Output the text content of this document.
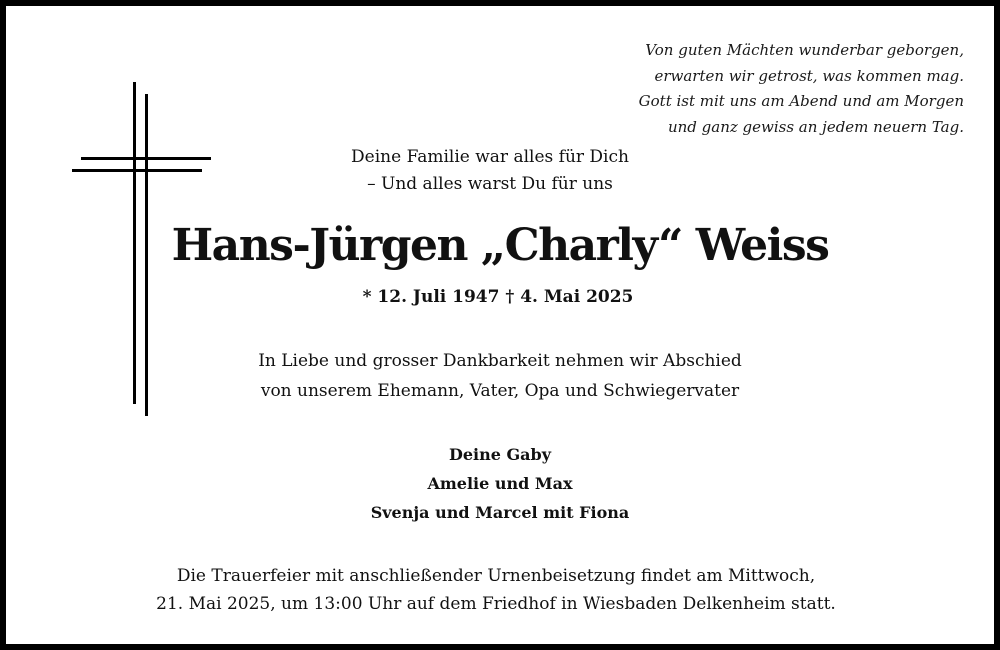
Von guten Mächten wunderbar geborgen,
erwarten wir getrost, was kommen mag.
Gott ist mit uns am Abend und am Morgen
und ganz gewiss an jedem neuern Tag.
Deine Familie war alles für Dich
– Und alles warst Du für uns
Hans-Jürgen „Charly“ Weiss
* 12. Juli 1947 † 4. Mai 2025
In Liebe und grosser Dankbarkeit nehmen wir Abschied
von unserem Ehemann, Vater, Opa und Schwiegervater
Deine Gaby
Amelie und Max
Svenja und Marcel mit Fiona
Die Trauerfeier mit anschließender Urnenbeisetzung findet am Mittwoch,
21. Mai 2025, um 13:00 Uhr auf dem Friedhof in Wiesbaden Delkenheim statt.
